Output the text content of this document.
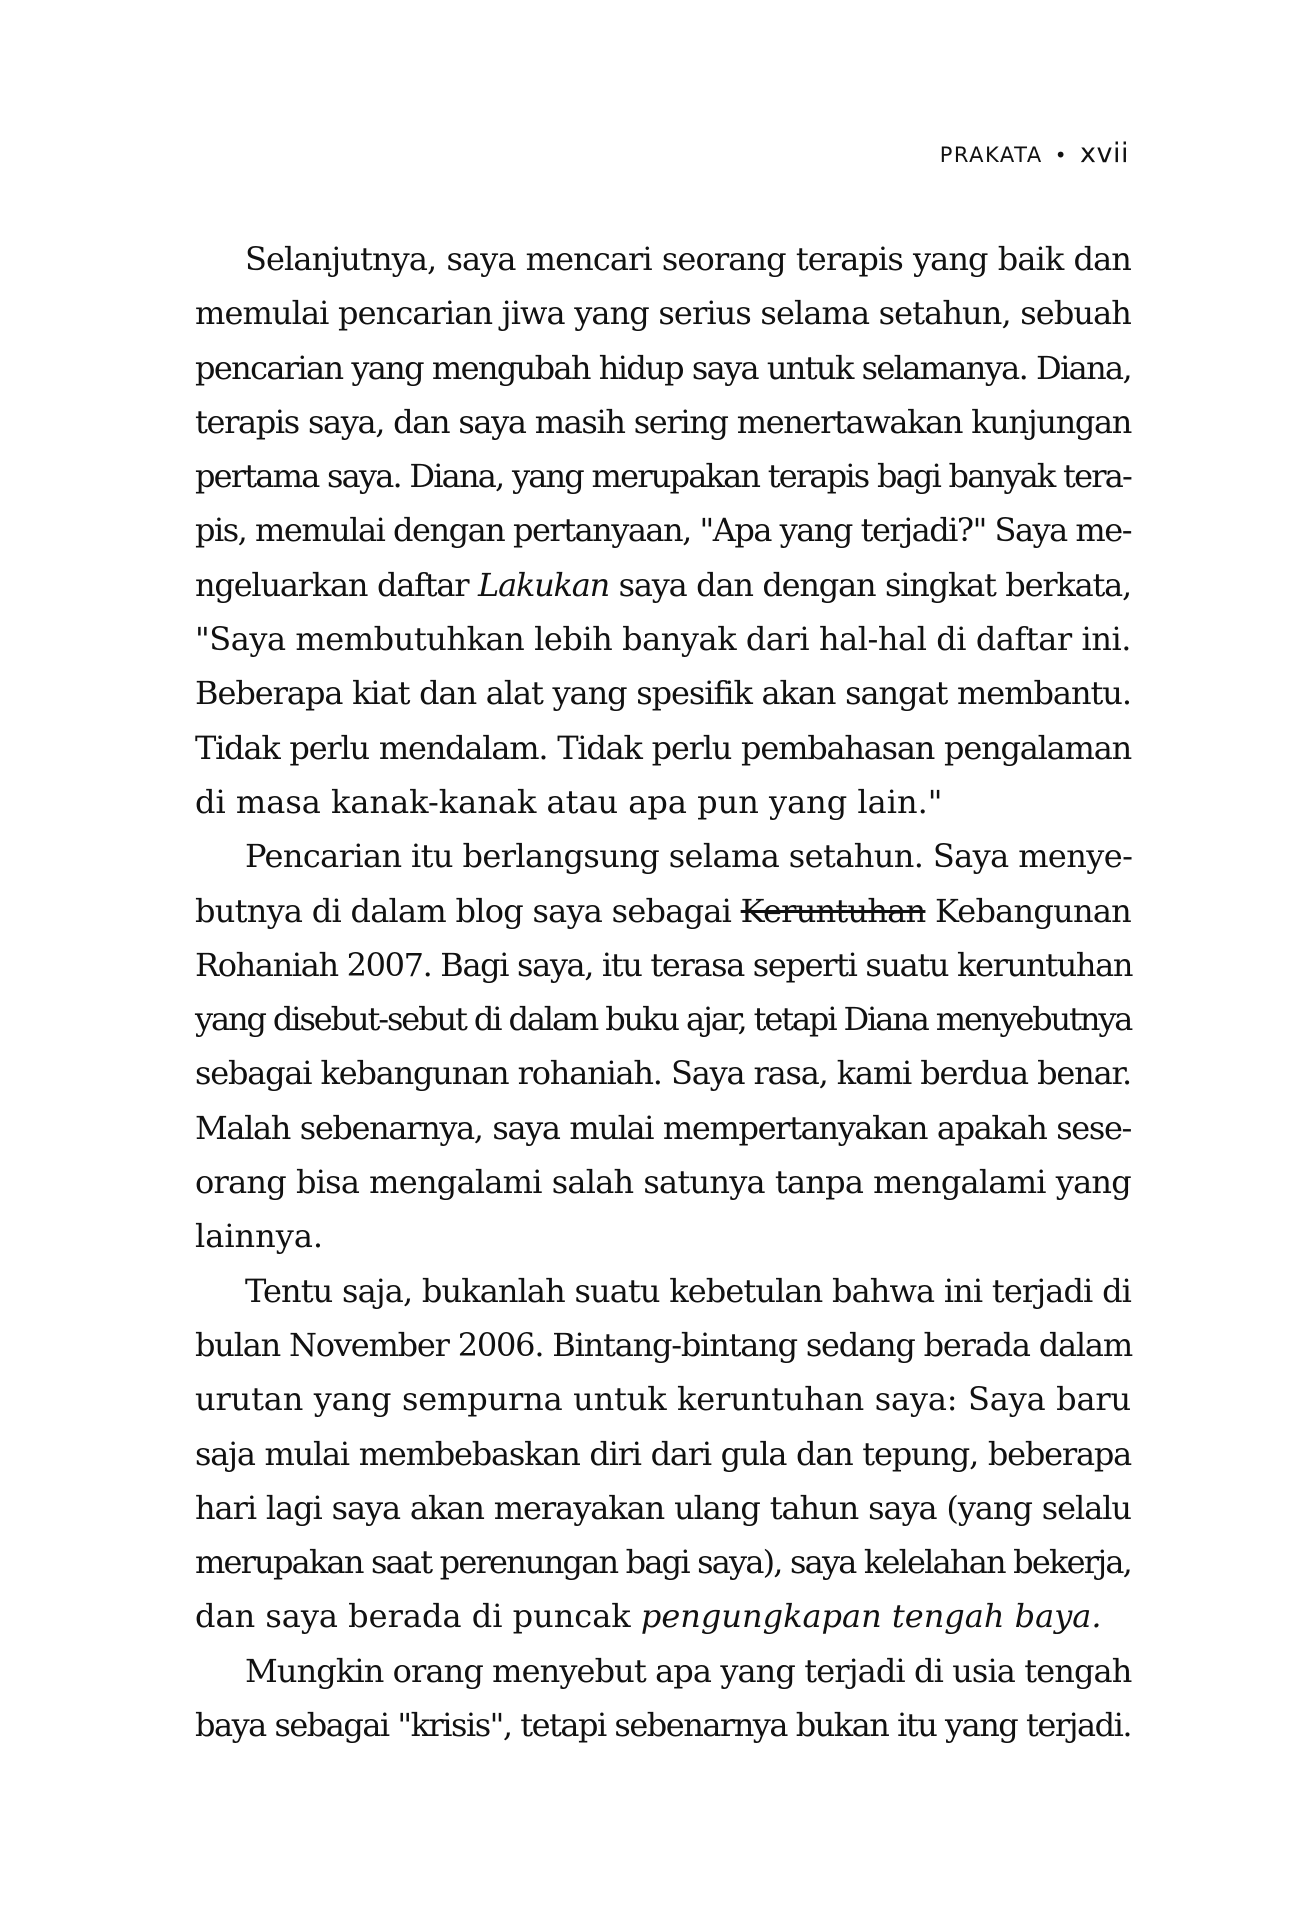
PRAKATA • xvii
Selanjutnya, saya mencari seorang terapis yang baik dan
memulai pencarian jiwa yang serius selama setahun, sebuah
pencarian yang mengubah hidup saya untuk selamanya. Diana,
terapis saya, dan saya masih sering menertawakan kunjungan
pertama saya. Diana, yang merupakan terapis bagi banyak tera-
pis, memulai dengan pertanyaan, "Apa yang terjadi?" Saya me-
ngeluarkan daftar Lakukan saya dan dengan singkat berkata,
"Saya membutuhkan lebih banyak dari hal-hal di daftar ini.
Beberapa kiat dan alat yang spesifik akan sangat membantu.
Tidak perlu mendalam. Tidak perlu pembahasan pengalaman
di masa kanak-kanak atau apa pun yang lain."
Pencarian itu berlangsung selama setahun. Saya menye-
butnya di dalam blog saya sebagai Keruntuhan Kebangunan
Rohaniah 2007. Bagi saya, itu terasa seperti suatu keruntuhan
yang disebut-sebut di dalam buku ajar, tetapi Diana menyebutnya
sebagai kebangunan rohaniah. Saya rasa, kami berdua benar.
Malah sebenarnya, saya mulai mempertanyakan apakah sese-
orang bisa mengalami salah satunya tanpa mengalami yang
lainnya.
Tentu saja, bukanlah suatu kebetulan bahwa ini terjadi di
bulan November 2006. Bintang-bintang sedang berada dalam
urutan yang sempurna untuk keruntuhan saya: Saya baru
saja mulai membebaskan diri dari gula dan tepung, beberapa
hari lagi saya akan merayakan ulang tahun saya (yang selalu
merupakan saat perenungan bagi saya), saya kelelahan bekerja,
dan saya berada di puncak pengungkapan tengah baya.
Mungkin orang menyebut apa yang terjadi di usia tengah
baya sebagai "krisis", tetapi sebenarnya bukan itu yang terjadi.
